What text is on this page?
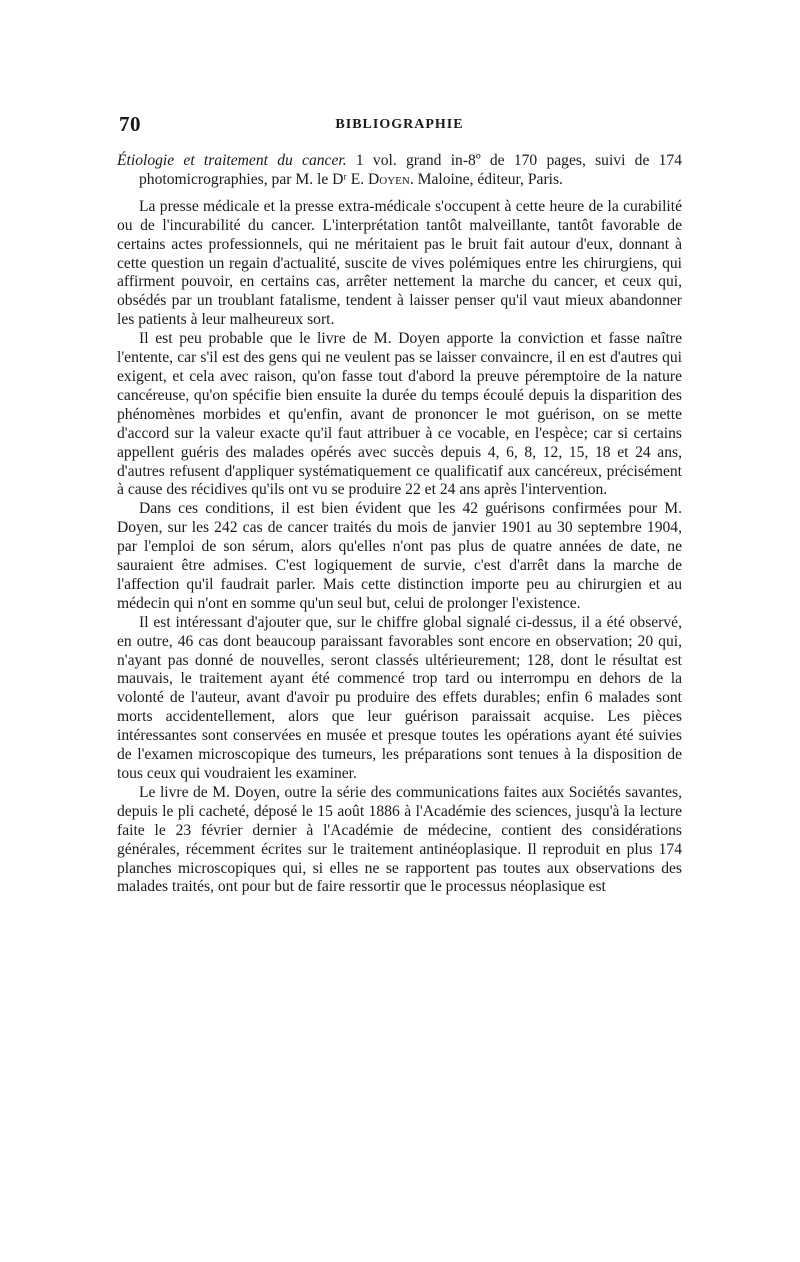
70	BIBLIOGRAPHIE

Étiologie et traitement du cancer. 1 vol. grand in-8º de 170 pages, suivi de 174 photomicrographies, par M. le Dʳ E. Doyen. Maloine, éditeur, Paris.

La presse médicale et la presse extra-médicale s'occupent à cette heure de la curabilité ou de l'incurabilité du cancer. L'interprétation tantôt malveillante, tantôt favorable de certains actes professionnels, qui ne méritaient pas le bruit fait autour d'eux, donnant à cette question un regain d'actualité, suscite de vives polémiques entre les chirurgiens, qui affirment pouvoir, en certains cas, arrêter nettement la marche du cancer, et ceux qui, obsédés par un troublant fatalisme, tendent à laisser penser qu'il vaut mieux abandonner les patients à leur malheureux sort.

Il est peu probable que le livre de M. Doyen apporte la conviction et fasse naître l'entente, car s'il est des gens qui ne veulent pas se laisser convaincre, il en est d'autres qui exigent, et cela avec raison, qu'on fasse tout d'abord la preuve péremptoire de la nature cancéreuse, qu'on spécifie bien ensuite la durée du temps écoulé depuis la disparition des phénomènes morbides et qu'enfin, avant de prononcer le mot guérison, on se mette d'accord sur la valeur exacte qu'il faut attribuer à ce vocable, en l'espèce; car si certains appellent guéris des malades opérés avec succès depuis 4, 6, 8, 12, 15, 18 et 24 ans, d'autres refusent d'appliquer systématiquement ce qualificatif aux cancéreux, précisément à cause des récidives qu'ils ont vu se produire 22 et 24 ans après l'intervention.

Dans ces conditions, il est bien évident que les 42 guérisons confirmées pour M. Doyen, sur les 242 cas de cancer traités du mois de janvier 1901 au 30 septembre 1904, par l'emploi de son sérum, alors qu'elles n'ont pas plus de quatre années de date, ne sauraient être admises. C'est logiquement de survie, c'est d'arrêt dans la marche de l'affection qu'il faudrait parler. Mais cette distinction importe peu au chirurgien et au médecin qui n'ont en somme qu'un seul but, celui de prolonger l'existence.

Il est intéressant d'ajouter que, sur le chiffre global signalé ci-dessus, il a été observé, en outre, 46 cas dont beaucoup paraissant favorables sont encore en observation; 20 qui, n'ayant pas donné de nouvelles, seront classés ultérieurement; 128, dont le résultat est mauvais, le traitement ayant été commencé trop tard ou interrompu en dehors de la volonté de l'auteur, avant d'avoir pu produire des effets durables; enfin 6 malades sont morts accidentellement, alors que leur guérison paraissait acquise. Les pièces intéressantes sont conservées en musée et presque toutes les opérations ayant été suivies de l'examen microscopique des tumeurs, les préparations sont tenues à la disposition de tous ceux qui voudraient les examiner.

Le livre de M. Doyen, outre la série des communications faites aux Sociétés savantes, depuis le pli cacheté, déposé le 15 août 1886 à l'Académie des sciences, jusqu'à la lecture faite le 23 février dernier à l'Académie de médecine, contient des considérations générales, récemment écrites sur le traitement antinéoplasique. Il reproduit en plus 174 planches microscopiques qui, si elles ne se rapportent pas toutes aux observations des malades traités, ont pour but de faire ressortir que le processus néoplasique est
